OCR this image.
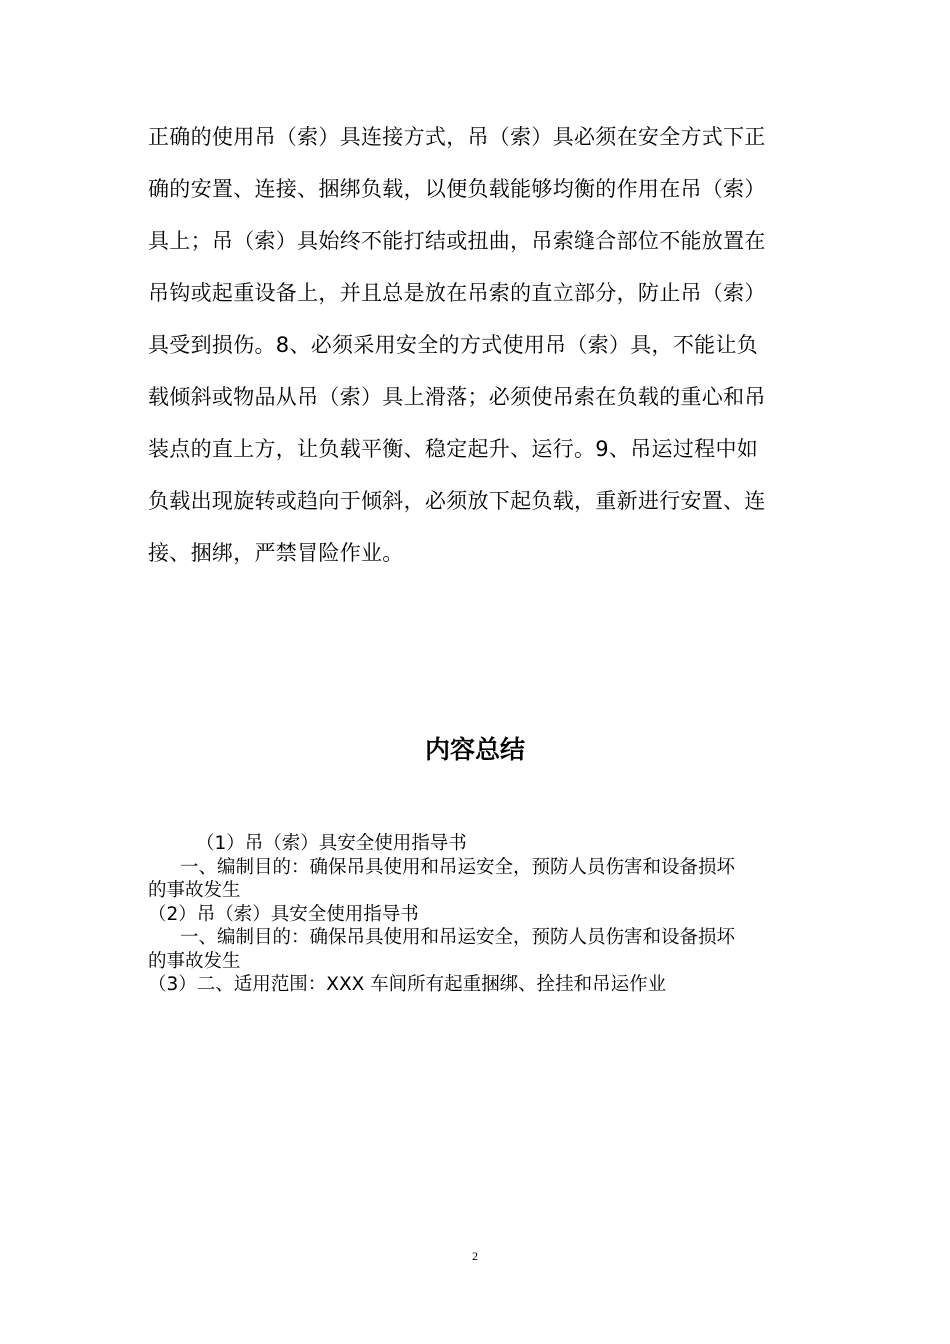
正确的使用吊（索）具连接方式，吊（索）具必须在安全方式下正
确的安置、连接、捆绑负载，以便负载能够均衡的作用在吊（索）
具上；吊（索）具始终不能打结或扭曲，吊索缝合部位不能放置在
吊钩或起重设备上，并且总是放在吊索的直立部分，防止吊（索）
具受到损伤。8、必须采用安全的方式使用吊（索）具，不能让负
载倾斜或物品从吊（索）具上滑落；必须使吊索在负载的重心和吊
装点的直上方，让负载平衡、稳定起升、运行。9、吊运过程中如
负载出现旋转或趋向于倾斜，必须放下起负载，重新进行安置、连
接、捆绑，严禁冒险作业。
内容总结
（1）吊（索）具安全使用指导书
一、编制目的：确保吊具使用和吊运安全，预防人员伤害和设备损坏
的事故发生
（2）吊（索）具安全使用指导书
一、编制目的：确保吊具使用和吊运安全，预防人员伤害和设备损坏
的事故发生
（3）二、适用范围：XXX 车间所有起重捆绑、拴挂和吊运作业
2
